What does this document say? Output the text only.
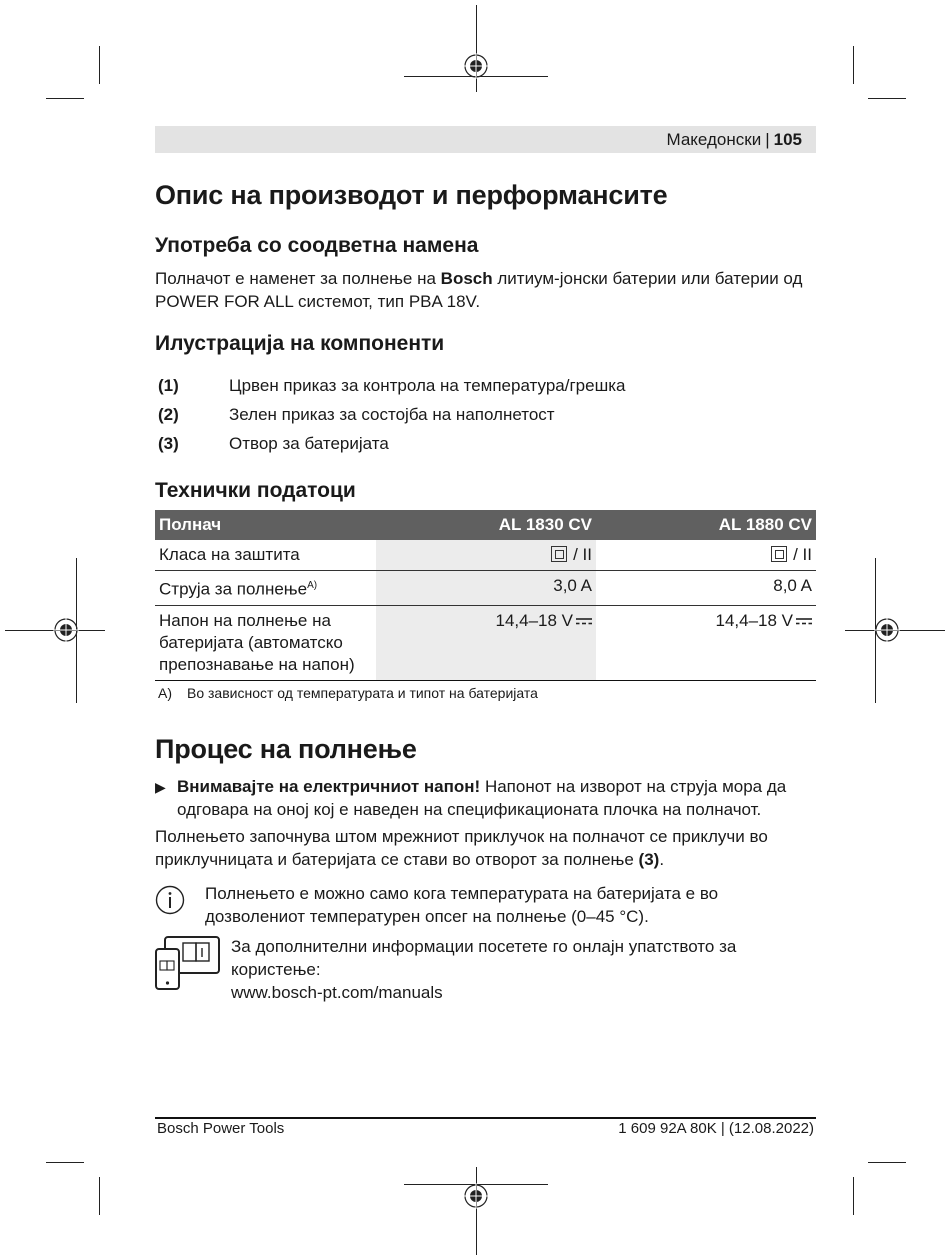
Македонски | 105
Опис на производот и перформансите
Употреба со соодветна намена
Полначот е наменет за полнење на Bosch литиум-јонски батерии или батерии од POWER FOR ALL системот, тип PBA 18V.
Илустрација на компоненти
(1)	Црвен приказ за контрола на температура/грешка
(2)	Зелен приказ за состојба на наполнетост
(3)	Отвор за батеријата
Технички податоци
Полнач	AL 1830 CV	AL 1880 CV
Класа на заштита	/ II	/ II
Струја за полнење$^{A)}$	3,0 A	8,0 A
Напон на полнење на батеријата (автоматско препознавање на напон)	14,4–18 V	14,4–18 V
A) Во зависност од температурата и типот на батеријата
Процес на полнење
▶ Внимавајте на електричниот напон! Напонот на изворот на струја мора да одговара на оној кој е наведен на спецификационата плочка на полначот.
Полнењето започнува штом мрежниот приклучок на полначот се приклучи во приклучницата и батеријата се стави во отворот за полнење (3).
Полнењето е можно само кога температурата на батеријата е во дозволениот температурен опсег на полнење (0–45 °C).
За дополнителни информации посетете го онлајн упатството за користење:
www.bosch-pt.com/manuals
Bosch Power Tools	1 609 92A 80K | (12.08.2022)
